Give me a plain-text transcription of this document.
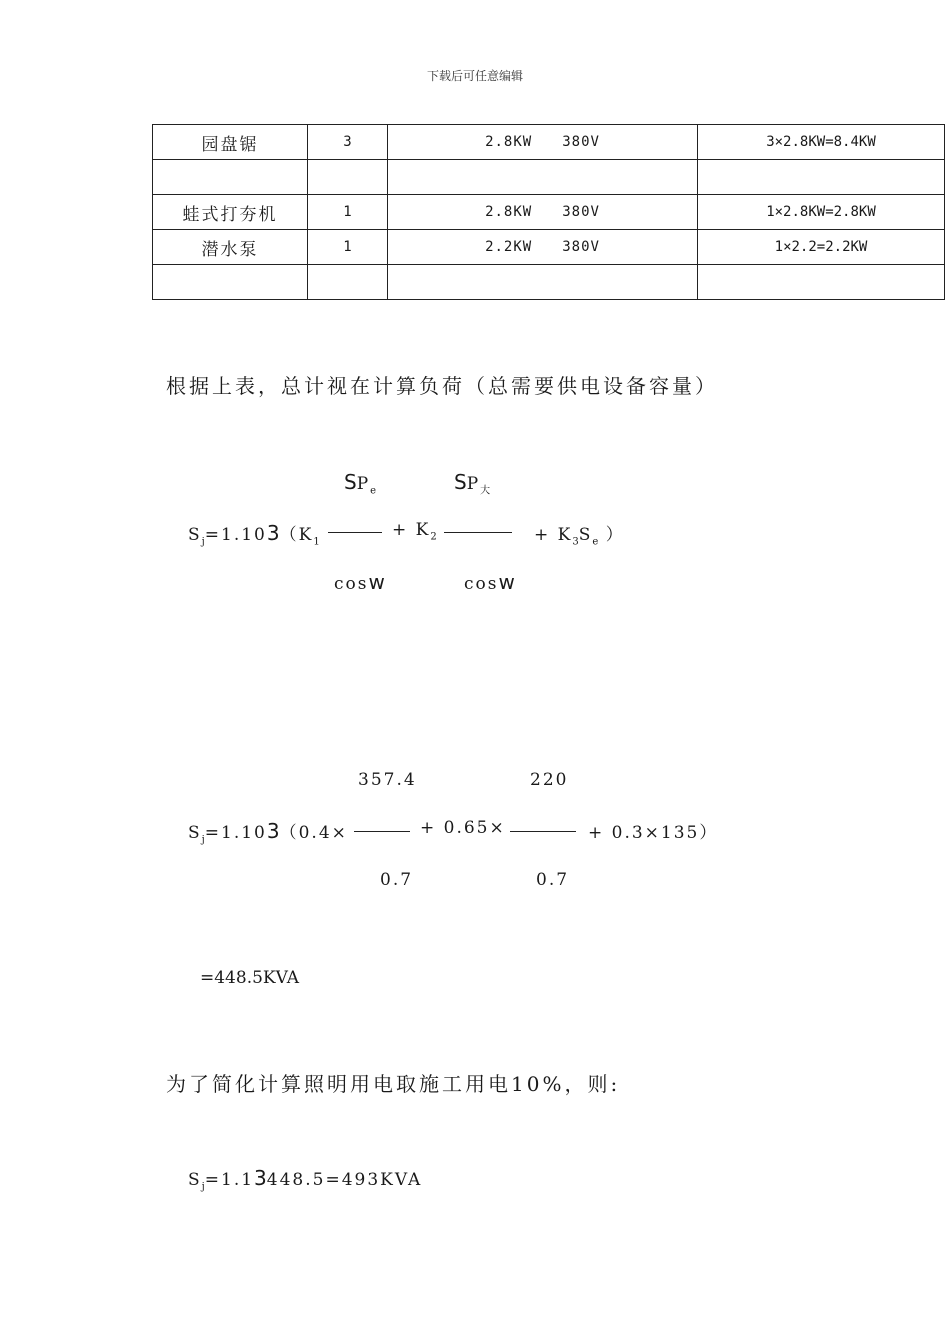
下载后可任意编辑
园盘锯	3	2.8KW 380V	3×2.8KW=8.4KW

蛙式打夯机	1	2.8KW 380V	1×2.8KW=2.8KW
潜水泵	1	2.2KW 380V	1×2.2=2.2KW

根据上表，总计视在计算负荷（总需要供电设备容量）
$SP_e$	$SP_大$
$S_j=1.103(K_1$
+ $K_2$	+ $K_3S_e$ ）
cosw	cosw
357.4	220
$S_j=1.103(0.4\times$	+ 0.65×	+ 0.3×135）
0.7	0.7
=448.5KVA
为了简化计算照明用电取施工用电10%，则:
$S_j=1.13448.5=493KVA$
